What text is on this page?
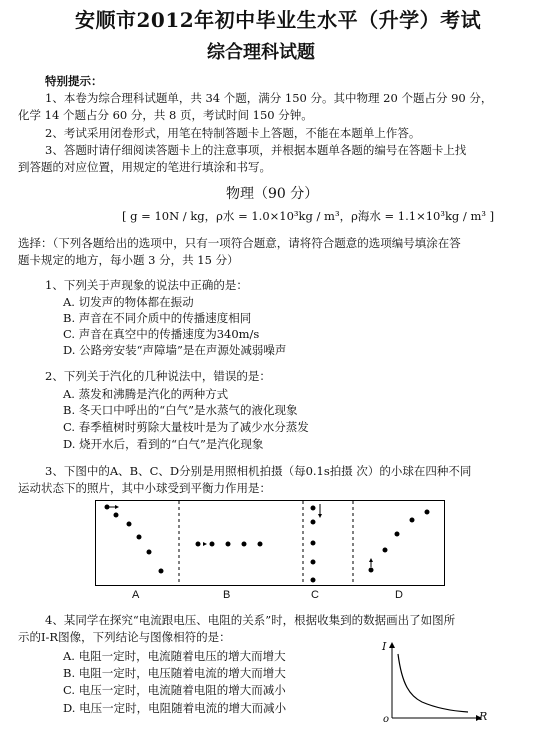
安顺市2012年初中毕业生水平（升学）考试
综合理科试题
特别提示：
1、本卷为综合理科试题单，共 34 个题，满分 150 分。其中物理 20 个题占分 90 分，
化学 14 个题占分 60 分，共 8 页，考试时间 150 分钟。
2、考试采用闭卷形式，用笔在特制答题卡上答题，不能在本题单上作答。
3、答题时请仔细阅读答题卡上的注意事项，并根据本题单各题的编号在答题卡上找
到答题的对应位置，用规定的笔进行填涂和书写。
物理（90 分）
[ g = 10N / kg，ρ水 = 1.0×10³kg / m³，ρ海水 = 1.1×10³kg / m³ ]
选择：（下列各题给出的选项中，只有一项符合题意，请将符合题意的选项编号填涂在答
题卡规定的地方，每小题 3 分，共 15 分）
1、下列关于声现象的说法中正确的是：
A. 切发声的物体都在振动
B. 声音在不同介质中的传播速度相同
C. 声音在真空中的传播速度为340m/s
D. 公路旁安装“声障墙”是在声源处减弱噪声
2、下列关于汽化的几种说法中，错误的是：
A. 蒸发和沸腾是汽化的两种方式
B. 冬天口中呼出的“白气”是水蒸气的液化现象
C. 春季植树时剪除大量枝叶是为了减少水分蒸发
D. 烧开水后，看到的“白气”是汽化现象
3、下图中的A、B、C、D分别是用照相机拍摄（每0.1s拍摄 次）的小球在四种不同
运动状态下的照片，其中小球受到平衡力作用是：
A	B	C	D
4、某同学在探究“电流跟电压、电阻的关系”时，根据收集到的数据画出了如图所
示的I-R图像，下列结论与图像相符的是：
A. 电阻一定时，电流随着电压的增大而增大
B. 电阻一定时，电压随着电流的增大而增大
C. 电压一定时，电流随着电阻的增大而减小
D. 电压一定时，电阻随着电流的增大而减小
I
R
o
